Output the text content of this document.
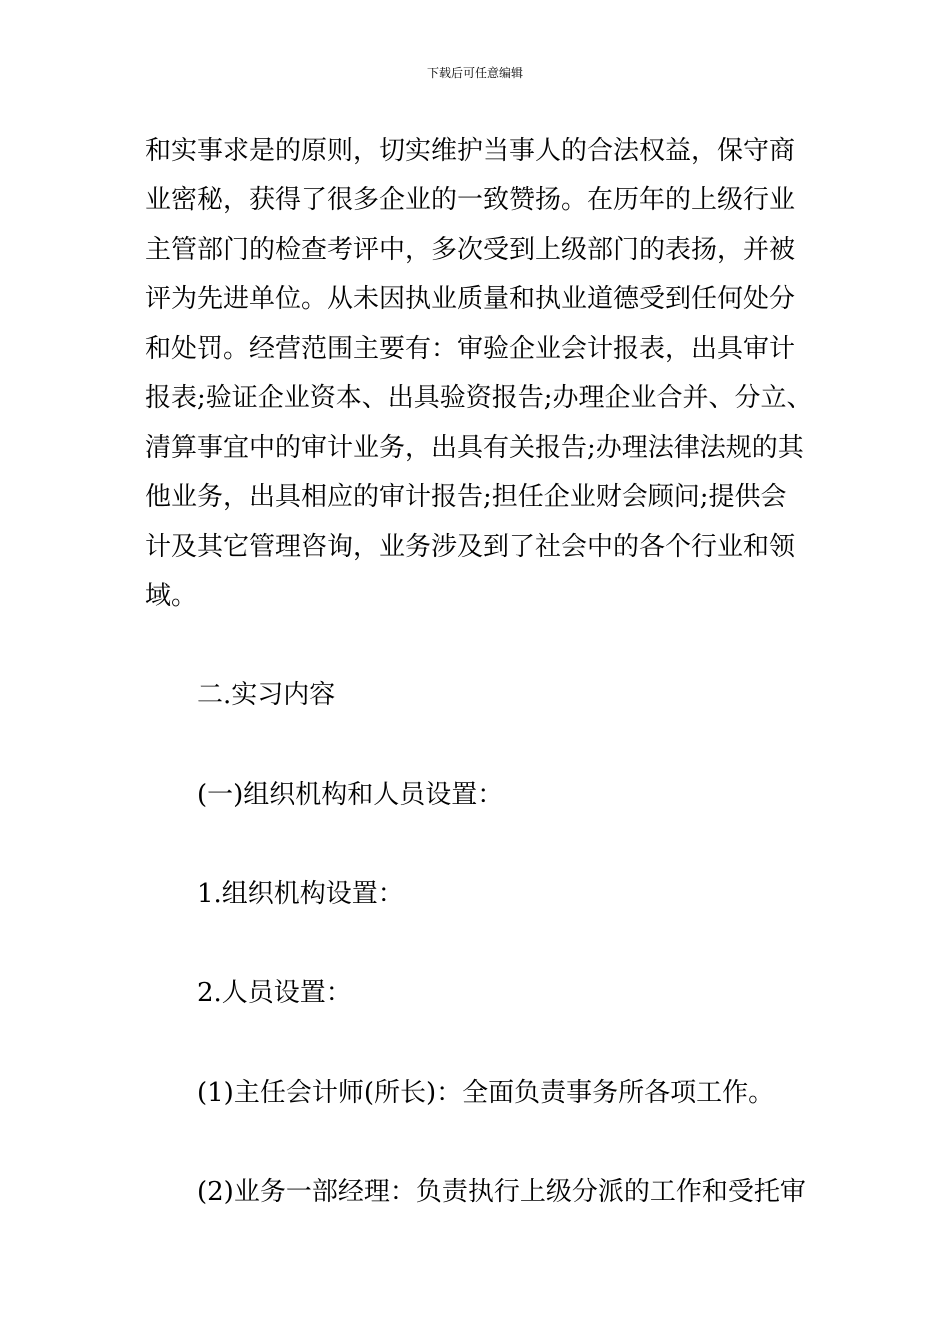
下载后可任意编辑
和实事求是的原则，切实维护当事人的合法权益，保守商
业密秘，获得了很多企业的一致赞扬。在历年的上级行业
主管部门的检查考评中，多次受到上级部门的表扬，并被
评为先进单位。从未因执业质量和执业道德受到任何处分
和处罚。经营范围主要有：审验企业会计报表，出具审计
报表;验证企业资本、出具验资报告;办理企业合并、分立、
清算事宜中的审计业务，出具有关报告;办理法律法规的其
他业务，出具相应的审计报告;担任企业财会顾问;提供会
计及其它管理咨询，业务涉及到了社会中的各个行业和领
域。
二.实习内容
(一)组织机构和人员设置：
1.组织机构设置：
2.人员设置：
(1)主任会计师(所长)：全面负责事务所各项工作。
(2)业务一部经理：负责执行上级分派的工作和受托审
